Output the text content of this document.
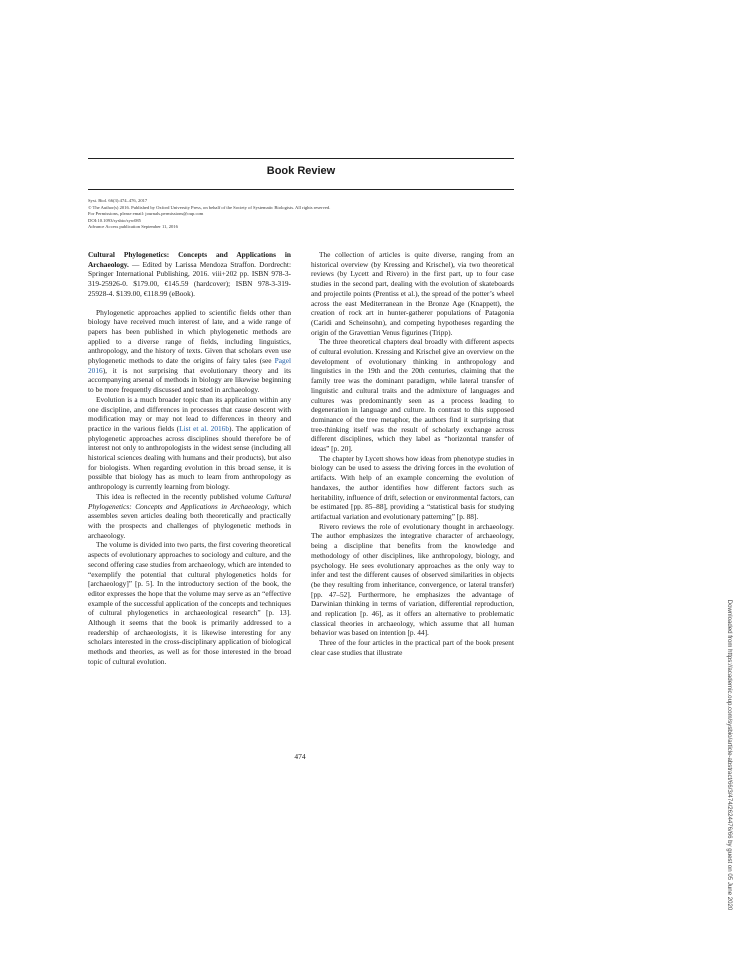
Book Review
Syst. Biol. 66(3):474–476, 2017
© The Author(s) 2016. Published by Oxford University Press, on behalf of the Society of Systematic Biologists. All rights reserved.
For Permissions, please email: journals.permissions@oup.com
DOI:10.1093/sysbio/syw085
Advance Access publication September 11, 2016

Cultural Phylogenetics: Concepts and Applications in Archaeology. — Edited by Larissa Mendoza Straffon. Dordrecht: Springer International Publishing, 2016. viii+202 pp. ISBN 978-3-319-25926-0. $179.00, €145.59 (hardcover); ISBN 978-3-319-25928-4. $139.00, €118.99 (eBook).

Phylogenetic approaches applied to scientific fields other than biology have received much interest of late, and a wide range of papers has been published in which phylogenetic methods are applied to a diverse range of fields, including linguistics, anthropology, and the history of texts. Given that scholars even use phylogenetic methods to date the origins of fairy tales (see Pagel 2016), it is not surprising that evolutionary theory and its accompanying arsenal of methods in biology are likewise beginning to be more frequently discussed and tested in archaeology.

Evolution is a much broader topic than its application within any one discipline, and differences in processes that cause descent with modification may or may not lead to differences in theory and practice in the various fields (List et al. 2016b). The application of phylogenetic approaches across disciplines should therefore be of interest not only to anthropologists in the widest sense (including all historical sciences dealing with humans and their products), but also for biologists. When regarding evolution in this broad sense, it is possible that biology has as much to learn from anthropology as anthropology is currently learning from biology.

This idea is reflected in the recently published volume Cultural Phylogenetics: Concepts and Applications in Archaeology, which assembles seven articles dealing both theoretically and practically with the prospects and challenges of phylogenetic methods in archaeology.

The volume is divided into two parts, the first covering theoretical aspects of evolutionary approaches to sociology and culture, and the second offering case studies from archaeology, which are intended to “exemplify the potential that cultural phylogenetics holds for [archaeology]” [p. 5]. In the introductory section of the book, the editor expresses the hope that the volume may serve as an “effective example of the successful application of the concepts and techniques of cultural phylogenetics in archaeological research” [p. 13]. Although it seems that the book is primarily addressed to a readership of archaeologists, it is likewise interesting for any scholars interested in the cross-disciplinary application of biological methods and theories, as well as for those interested in the broad topic of cultural evolution.

The collection of articles is quite diverse, ranging from an historical overview (by Kressing and Krischel), via two theoretical reviews (by Lycett and Rivero) in the first part, up to four case studies in the second part, dealing with the evolution of skateboards and projectile points (Prentiss et al.), the spread of the potter’s wheel across the east Mediterranean in the Bronze Age (Knappett), the creation of rock art in hunter-gatherer populations of Patagonia (Caridi and Scheinsohn), and competing hypotheses regarding the origin of the Gravettian Venus figurines (Tripp).

The three theoretical chapters deal broadly with different aspects of cultural evolution. Kressing and Krischel give an overview on the development of evolutionary thinking in anthropology and linguistics in the 19th and the 20th centuries, claiming that the family tree was the dominant paradigm, while lateral transfer of linguistic and cultural traits and the admixture of languages and cultures was predominantly seen as a process leading to degeneration in language and culture. In contrast to this supposed dominance of the tree metaphor, the authors find it surprising that tree-thinking itself was the result of scholarly exchange across different disciplines, which they label as “horizontal transfer of ideas” [p. 20].

The chapter by Lycett shows how ideas from phenotype studies in biology can be used to assess the driving forces in the evolution of artifacts. With help of an example concerning the evolution of handaxes, the author identifies how different factors such as heritability, influence of drift, selection or environmental factors, can be estimated [pp. 85–88], providing a “statistical basis for studying artifactual variation and evolutionary patterning” [p. 88].

Rivero reviews the role of evolutionary thought in archaeology. The author emphasizes the integrative character of archaeology, being a discipline that benefits from the knowledge and methodology of other disciplines, like anthropology, biology, and psychology. He sees evolutionary approaches as the only way to infer and test the different causes of observed similarities in objects (be they resulting from inheritance, convergence, or lateral transfer) [pp. 47–52]. Furthermore, he emphasizes the advantage of Darwinian thinking in terms of variation, differential reproduction, and replication [p. 46], as it offers an alternative to problematic classical theories in archaeology, which assume that all human behavior was based on intention [p. 44].

Three of the four articles in the practical part of the book present clear case studies that illustrate

474	Downloaded from https://academic.oup.com/sysbio/article-abstract/66/3/474/2624476/66 by guest on 05 June 2020
